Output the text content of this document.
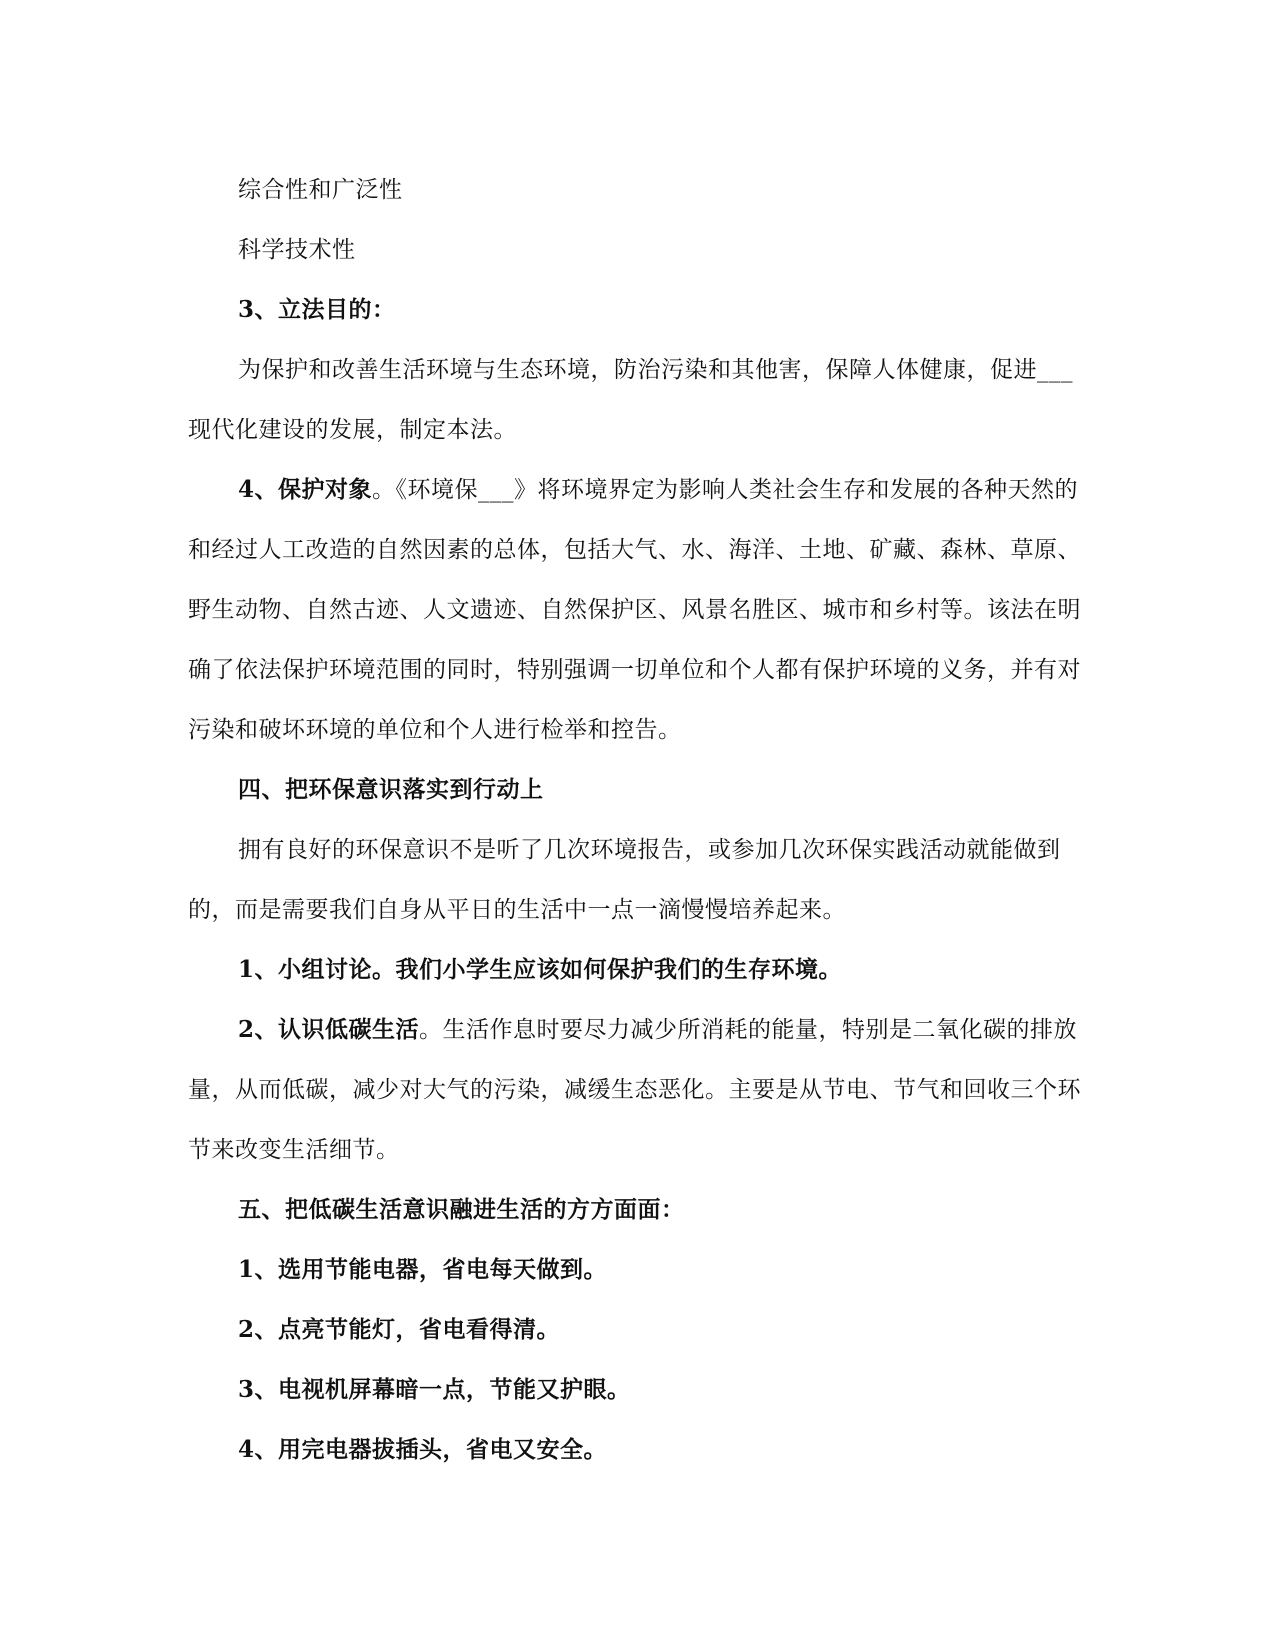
综合性和广泛性

科学技术性

3、立法目的：

为保护和改善生活环境与生态环境，防治污染和其他害，保障人体健康，促进___现代化建设的发展，制定本法。

4、保护对象。《环境保___》将环境界定为影响人类社会生存和发展的各种天然的和经过人工改造的自然因素的总体，包括大气、水、海洋、土地、矿藏、森林、草原、野生动物、自然古迹、人文遗迹、自然保护区、风景名胜区、城市和乡村等。该法在明确了依法保护环境范围的同时，特别强调一切单位和个人都有保护环境的义务，并有对污染和破坏环境的单位和个人进行检举和控告。

四、把环保意识落实到行动上

拥有良好的环保意识不是听了几次环境报告，或参加几次环保实践活动就能做到的，而是需要我们自身从平日的生活中一点一滴慢慢培养起来。

1、小组讨论。我们小学生应该如何保护我们的生存环境。

2、认识低碳生活。生活作息时要尽力减少所消耗的能量，特别是二氧化碳的排放量，从而低碳，减少对大气的污染，减缓生态恶化。主要是从节电、节气和回收三个环节来改变生活细节。

五、把低碳生活意识融进生活的方方面面：

1、选用节能电器，省电每天做到。

2、点亮节能灯，省电看得清。

3、电视机屏幕暗一点，节能又护眼。

4、用完电器拔插头，省电又安全。
